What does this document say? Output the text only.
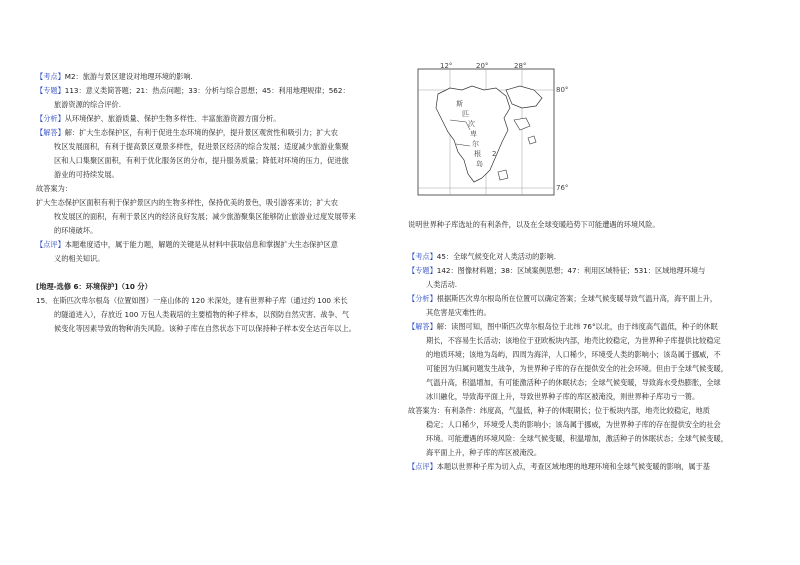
【考点】M2：旅游与景区建设对地理环境的影响.

【专题】113：意义类简答题；21：热点问题；33：分析与综合思想；45：利用地理规律；562：

旅游资源的综合评价.

【分析】从环境保护、旅游质量、保护生物多样性、丰富旅游资源方面分析。

【解答】解：扩大生态保护区，有利于促进生态环境的保护，提升景区观赏性和吸引力；扩大农

牧区发展面积，有利于提高景区观景多样性，促进景区经济的综合发展；适度减少旅游业集聚

区和人口集聚区面积，有利于优化服务区的分布，提升服务质量；降低对环境的压力，促进旅

游业的可持续发展。

故答案为：

扩大生态保护区面积有利于保护景区内的生物多样性，保持优美的景色，吸引游客来访；扩大农

牧发展区的面积，有利于景区内的经济良好发展；减少旅游聚集区能够防止旅游业过度发展带来

的环境破坏。

【点评】本题难度适中，属于能力题，解题的关键是从材料中获取信息和掌握扩大生态保护区意

义的相关知识。

[地理-选修 6：环境保护]（10 分）

15．在斯匹次卑尔根岛（位置如图）一座山体的 120 米深处，建有世界种子库（通过约 100 米长

的隧道进入），存放近 100 万包人类栽培的主要植物的种子样本，以预防自然灾害、战争、气

候变化等因素导致的物种消失风险。该种子库在自然状态下可以保持种子样本安全达百年以上。

12°	20°	28°
80°
76°
斯
匹
次
卑
尔
根
岛
2

说明世界种子库选址的有利条件，以及在全球变暖趋势下可能遭遇的环境风险。

【考点】45：全球气候变化对人类活动的影响.

【专题】142：图像材料题；38：区域案例思想；47：利用区域特征；531：区域地理环境与

人类活动.

【分析】根据斯匹次卑尔根岛所在位置可以确定答案；全球气候变暖导致气温升高，海平面上升，

其危害是灾难性的。

【解答】解：读图可知，图中斯匹次卑尔根岛位于北纬 76°以北，由于纬度高气温低，种子的休眠

期长，不容易生长活动；该地位于亚欧板块内部，地壳比较稳定，为世界种子库提供比较稳定

的地质环境；该地为岛屿，四周为海洋，人口稀少，环境受人类的影响小；该岛属于挪威，不

可能因为归属问题发生战争，为世界种子库的存在提供安全的社会环境。但由于全球气候变暖，

气温升高，积温增加，有可能激活种子的休眠状态；全球气候变暖，导致海水受热膨胀，全球

冰川融化，导致海平面上升，导致世界种子库的库区被淹没，则世界种子库功亏一篑。

故答案为：有利条件：纬度高，气温低，种子的休眠期长；位于板块内部，地壳比较稳定，地质

稳定；人口稀少，环境受人类的影响小；该岛属于挪威，为世界种子库的存在提供安全的社会

环境。可能遭遇的环境风险：全球气候变暖，积温增加，激活种子的休眠状态；全球气候变暖，

海平面上升，种子库的库区被淹没。

【点评】本题以世界种子库为切入点，考查区域地理的地理环境和全球气候变暖的影响，属于基
